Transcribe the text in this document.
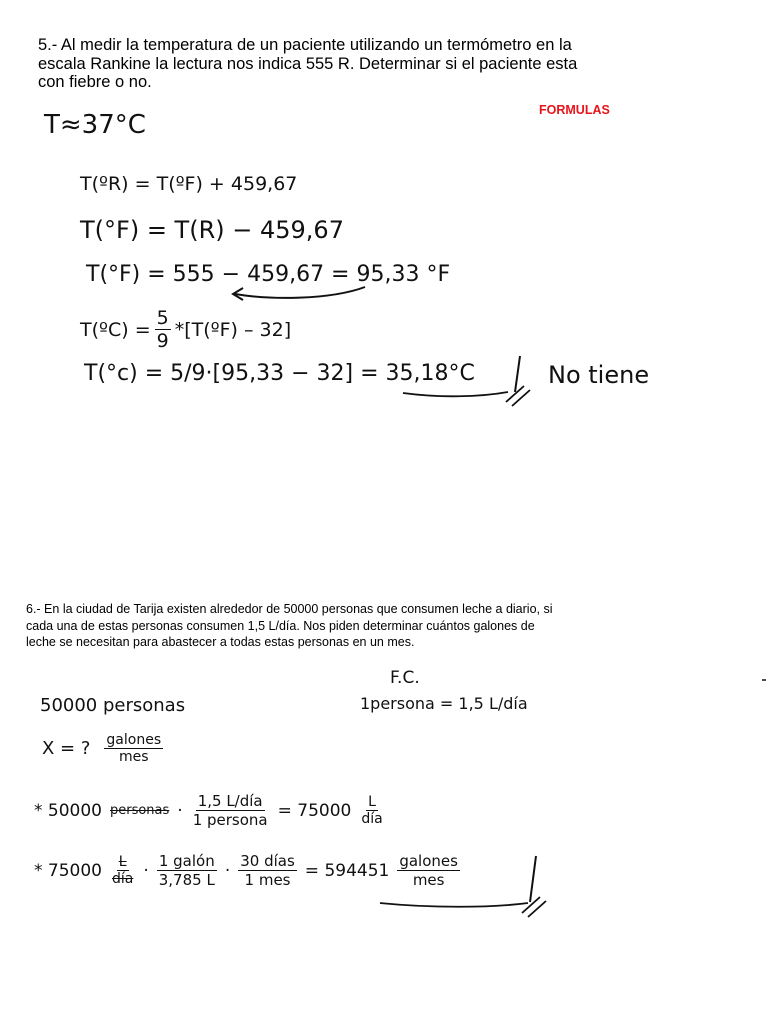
5.- Al medir la temperatura de un paciente utilizando un termómetro en la escala Rankine la lectura nos indica 555 R. Determinar si el paciente esta con fiebre o no.
FORMULAS
T≈37°C
T(ºR) = T(ºF) + 459,67
T(°F) = T(R) − 459,67
T(°F) = 555 − 459,67 = 95,33 °F
T(ºC) = $\frac{5}{9}$ *[T(ºF) – 32]
T(°c) = 5/9·[95,33 − 32] = 35,18°C	No tiene
6.- En la ciudad de Tarija existen alrededor de 50000 personas que consumen leche a diario, si cada una de estas personas consumen 1,5 L/día. Nos piden determinar cuántos galones de leche se necesitan para abastecer a todas estas personas en un mes.
F.C.
1persona = 1,5 L/día
50000 personas
X = ? $\frac{\text{galones}}{\text{mes}}$
* 50000 personas · $\frac{\text{1,5 L/día}}{\text{1 persona}} = 75000 \frac{L}{\text{día}}$
* $75000 \frac{L}{\text{día}} \cdot \frac{\text{1 galón}}{3,785 L} \cdot \frac{\text{30 días}}{\text{1 mes}} = 594451 \frac{\text{galones}}{\text{mes}}$
